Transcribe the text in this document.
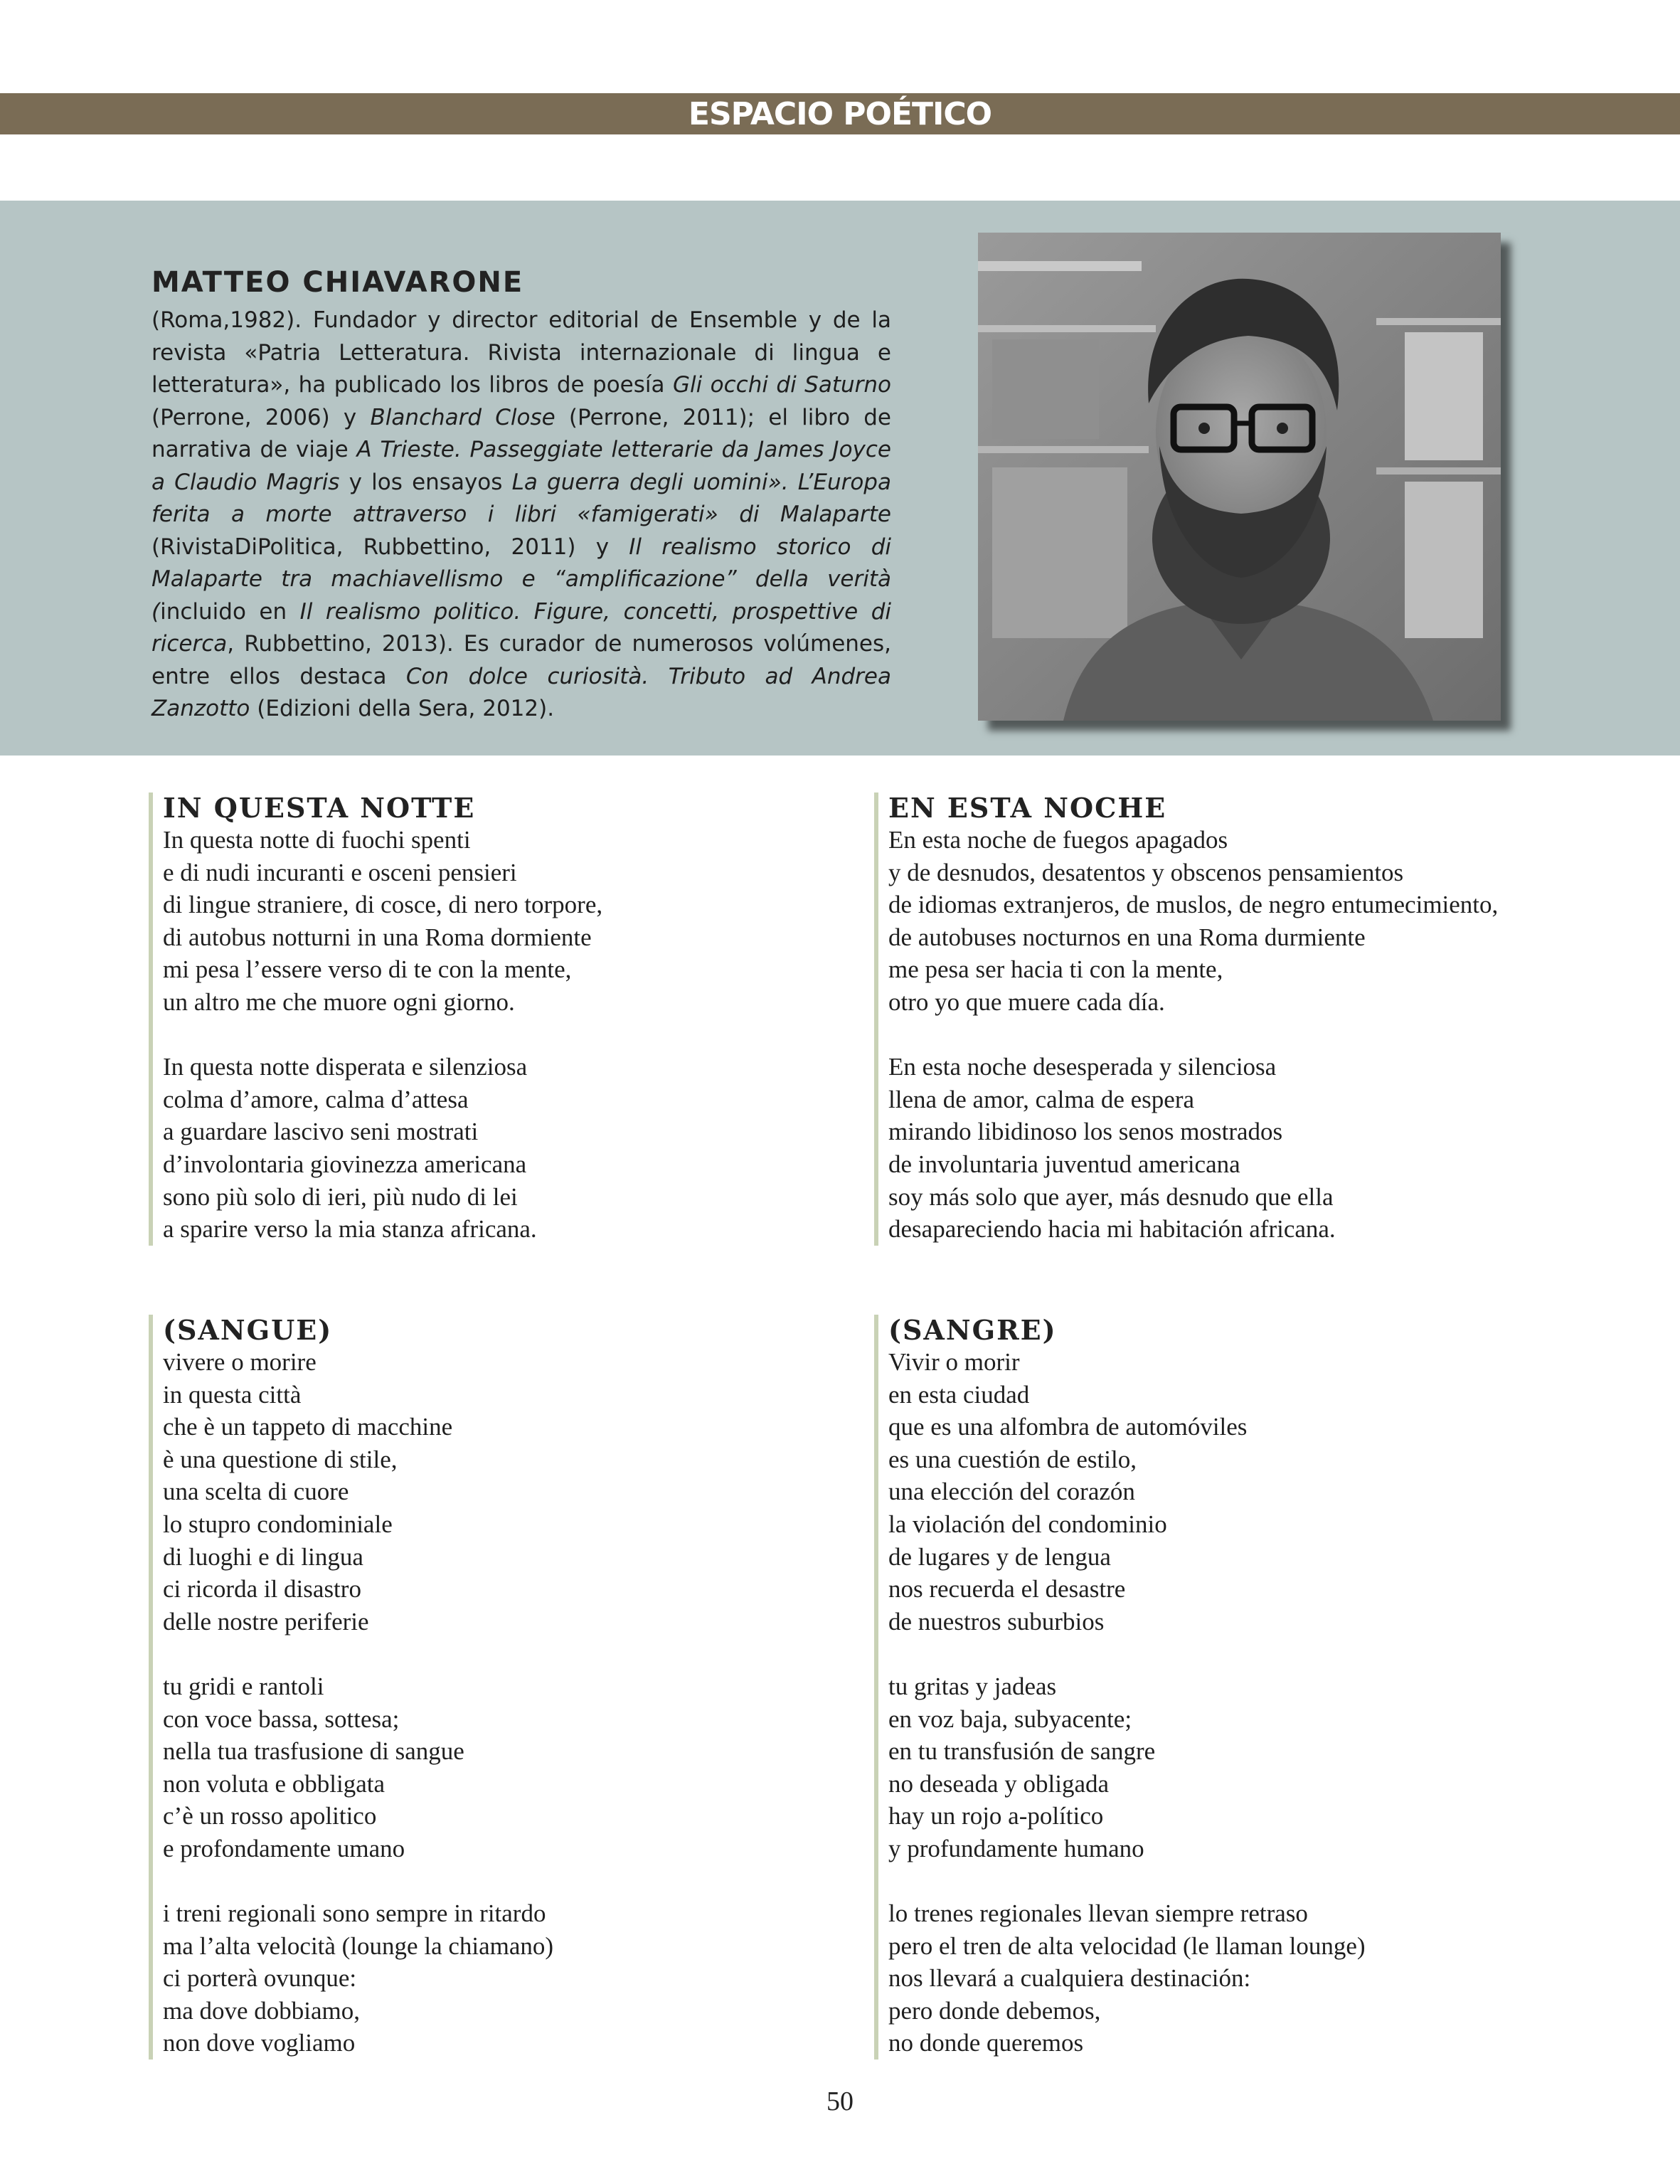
ESPACIO POÉTICO
MATTEO CHIAVARONE

(Roma,1982). Fundador y director editorial de Ensemble y de la revista «Patria Letteratura. Rivista internazionale di lingua e letteratura», ha publicado los libros de poesía Gli occhi di Saturno (Perrone, 2006) y Blanchard Close (Perrone, 2011); el libro de narrativa de viaje A Trieste. Passeggiate letterarie da James Joyce a Claudio Magris y los ensayos La guerra degli uomini». L’Europa ferita a morte attraverso i libri «famigerati» di Malaparte (RivistaDiPolitica, Rubbettino, 2011) y Il realismo storico di Malaparte tra machiavellismo e “amplificazione” della verità (incluido en Il realismo politico. Figure, concetti, prospettive di ricerca, Rubbettino, 2013). Es curador de numerosos volúmenes, entre ellos destaca Con dolce curiosità. Tributo ad Andrea Zanzotto (Edizioni della Sera, 2012).

IN QUESTA NOTTE
In questa notte di fuochi spenti
e di nudi incuranti e osceni pensieri
di lingue straniere, di cosce, di nero torpore,
di autobus notturni in una Roma dormiente
mi pesa l’essere verso di te con la mente,
un altro me che muore ogni giorno.
In questa notte disperata e silenziosa
colma d’amore, calma d’attesa
a guardare lascivo seni mostrati
d’involontaria giovinezza americana
sono più solo di ieri, più nudo di lei
a sparire verso la mia stanza africana.
EN ESTA NOCHE
En esta noche de fuegos apagados
y de desnudos, desatentos y obscenos pensamientos
de idiomas extranjeros, de muslos, de negro entumecimiento,
de autobuses nocturnos en una Roma durmiente
me pesa ser hacia ti con la mente,
otro yo que muere cada día.
En esta noche desesperada y silenciosa
llena de amor, calma de espera
mirando libidinoso los senos mostrados
de involuntaria juventud americana
soy más solo que ayer, más desnudo que ella
desapareciendo hacia mi habitación africana.
(SANGUE)
vivere o morire
in questa città
che è un tappeto di macchine
è una questione di stile,
una scelta di cuore
lo stupro condominiale
di luoghi e di lingua
ci ricorda il disastro
delle nostre periferie
tu gridi e rantoli
con voce bassa, sottesa;
nella tua trasfusione di sangue
non voluta e obbligata
c’è un rosso apolitico
e profondamente umano
i treni regionali sono sempre in ritardo
ma l’alta velocità (lounge la chiamano)
ci porterà ovunque:
ma dove dobbiamo,
non dove vogliamo
(SANGRE)
Vivir o morir
en esta ciudad
que es una alfombra de automóviles
es una cuestión de estilo,
una elección del corazón
la violación del condominio
de lugares y de lengua
nos recuerda el desastre
de nuestros suburbios
tu gritas y jadeas
en voz baja, subyacente;
en tu transfusión de sangre
no deseada y obligada
hay un rojo a-político
y profundamente humano
lo trenes regionales llevan siempre retraso
pero el tren de alta velocidad (le llaman lounge)
nos llevará a cualquiera destinación:
pero donde debemos,
no donde queremos
50
